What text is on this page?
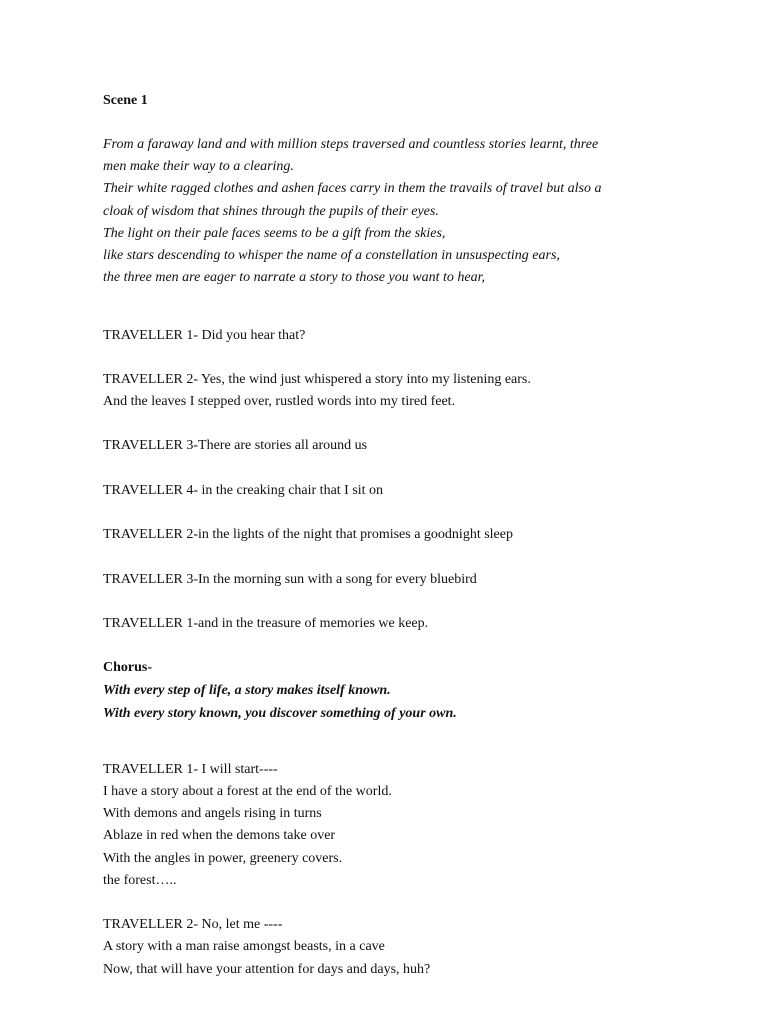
Scene 1
From a faraway land and with million steps traversed and countless stories learnt, three
men make their way to a clearing.
Their white ragged clothes and ashen faces carry in them the travails of travel but also a
cloak of wisdom that shines through the pupils of their eyes.
The light on their pale faces seems to be a gift from the skies,
like stars descending to whisper the name of a constellation in unsuspecting ears,
the three men are eager to narrate a story to those you want to hear,
TRAVELLER 1- Did you hear that?
TRAVELLER 2- Yes, the wind just whispered a story into my listening ears.
And the leaves I stepped over, rustled words into my tired feet.
TRAVELLER 3-There are stories all around us
TRAVELLER 4- in the creaking chair that I sit on
TRAVELLER 2-in the lights of the night that promises a goodnight sleep
TRAVELLER 3-In the morning sun with a song for every bluebird
TRAVELLER 1-and in the treasure of memories we keep.
Chorus-
With every step of life, a story makes itself known.
With every story known, you discover something of your own.
TRAVELLER 1- I will start----
I have a story about a forest at the end of the world.
With demons and angels rising in turns
Ablaze in red when the demons take over
With the angles in power, greenery covers.
the forest…..
TRAVELLER 2- No, let me ----
A story with a man raise amongst beasts, in a cave
Now, that will have your attention for days and days, huh?
